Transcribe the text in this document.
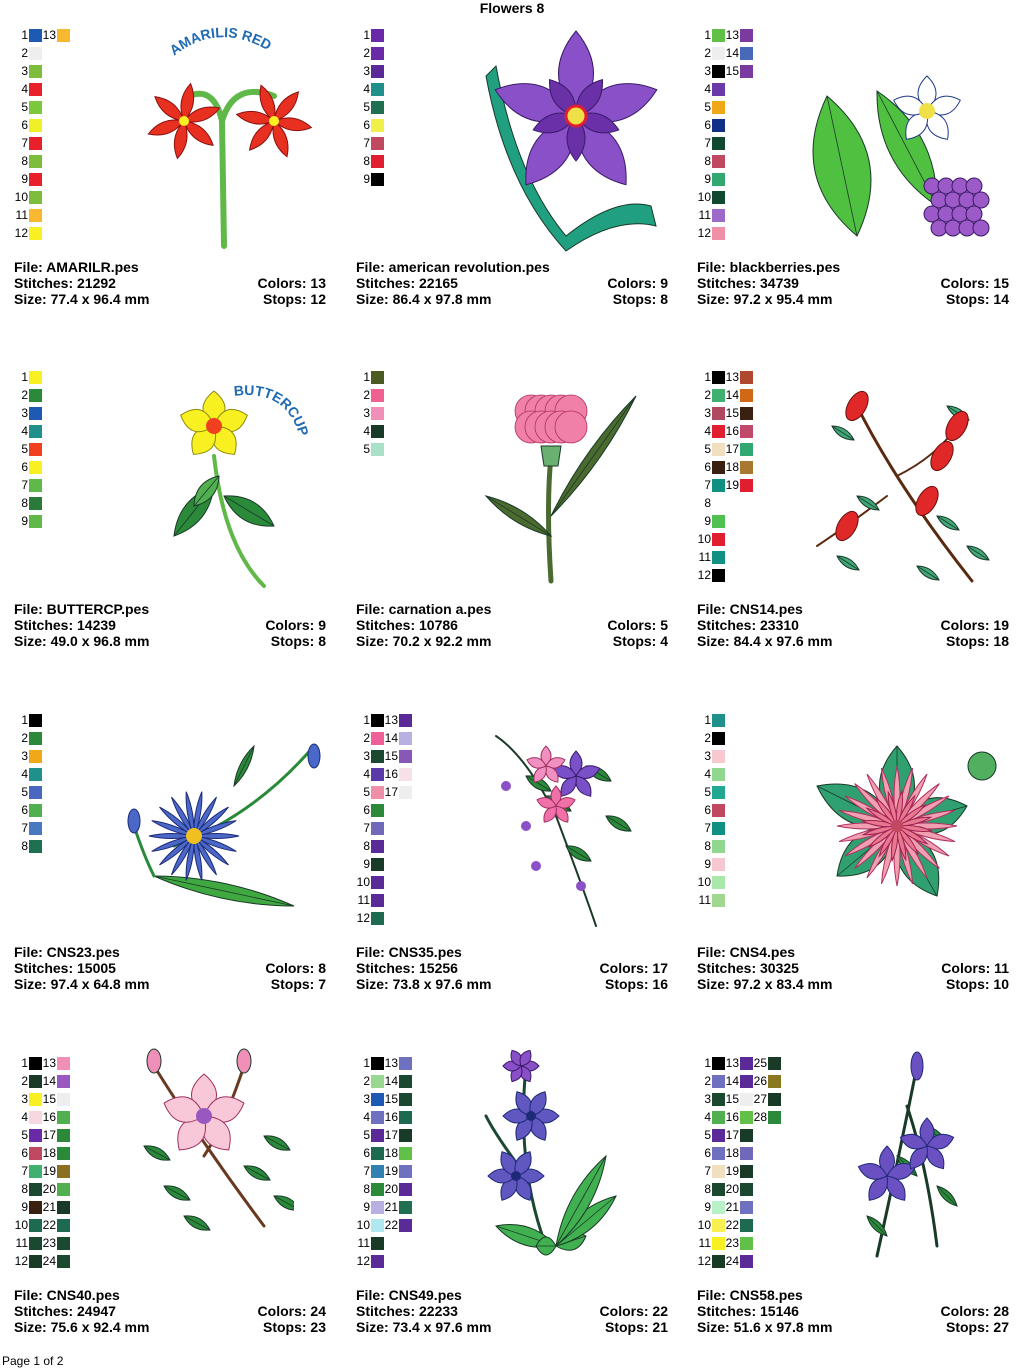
Flowers 8
1
2
3
4
5
6
7
8
9
10
11
12
13
AMARILIS RED
File: AMARILR.pes
Stitches: 21292	Colors: 13
Size: 77.4 x 96.4 mm	Stops: 12
1
2
3
4
5
6
7
8
9
File: american revolution.pes
Stitches: 22165	Colors: 9
Size: 86.4 x 97.8 mm	Stops: 8
1
2
3
4
5
6
7
8
9
10
11
12
13
14
15
File: blackberries.pes
Stitches: 34739	Colors: 15
Size: 97.2 x 95.4 mm	Stops: 14
1
2
3
4
5
6
7
8
9
BUTTERCUP
File: BUTTERCP.pes
Stitches: 14239	Colors: 9
Size: 49.0 x 96.8 mm	Stops: 8
1
2
3
4
5
File: carnation a.pes
Stitches: 10786	Colors: 5
Size: 70.2 x 92.2 mm	Stops: 4
1
2
3
4
5
6
7
8
9
10
11
12
13
14
15
16
17
18
19
File: CNS14.pes
Stitches: 23310	Colors: 19
Size: 84.4 x 97.6 mm	Stops: 18
1
2
3
4
5
6
7
8
File: CNS23.pes
Stitches: 15005	Colors: 8
Size: 97.4 x 64.8 mm	Stops: 7
1
2
3
4
5
6
7
8
9
10
11
12
13
14
15
16
17
File: CNS35.pes
Stitches: 15256	Colors: 17
Size: 73.8 x 97.6 mm	Stops: 16
1
2
3
4
5
6
7
8
9
10
11
File: CNS4.pes
Stitches: 30325	Colors: 11
Size: 97.2 x 83.4 mm	Stops: 10
1
2
3
4
5
6
7
8
9
10
11
12
13
14
15
16
17
18
19
20
21
22
23
24
File: CNS40.pes
Stitches: 24947	Colors: 24
Size: 75.6 x 92.4 mm	Stops: 23
1
2
3
4
5
6
7
8
9
10
11
12
13
14
15
16
17
18
19
20
21
22
File: CNS49.pes
Stitches: 22233	Colors: 22
Size: 73.4 x 97.6 mm	Stops: 21
1
2
3
4
5
6
7
8
9
10
11
12
13
14
15
16
17
18
19
20
21
22
23
24
25
26
27
28
File: CNS58.pes
Stitches: 15146	Colors: 28
Size: 51.6 x 97.8 mm	Stops: 27
Page 1 of 2
